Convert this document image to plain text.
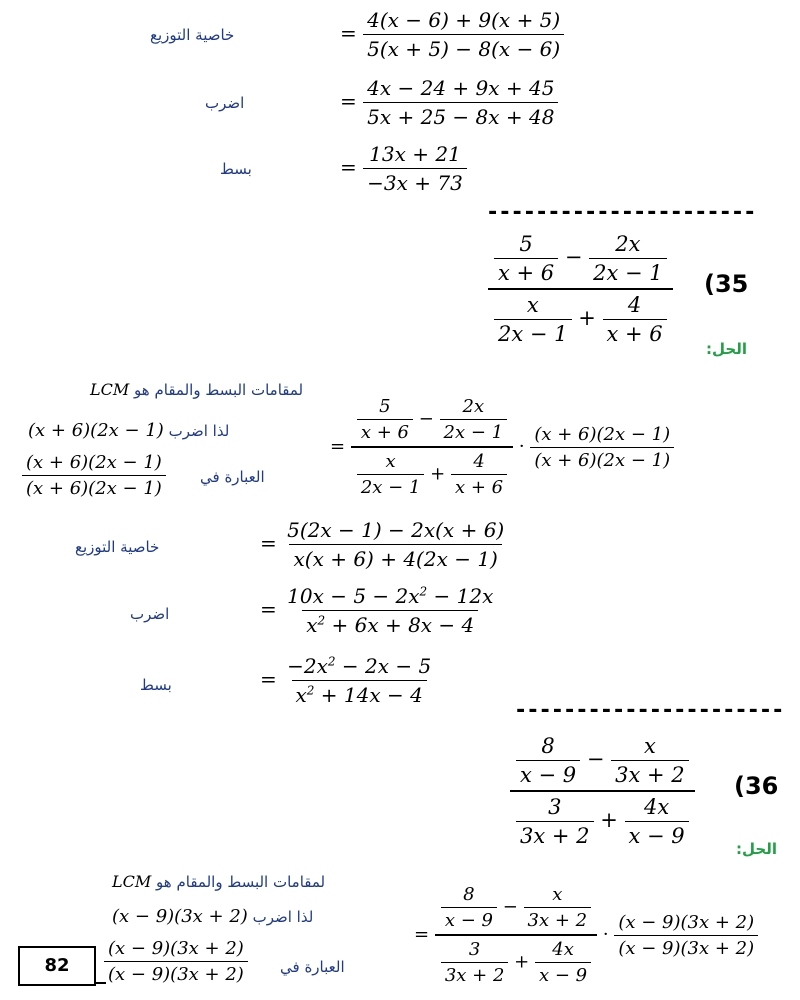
خاصية التوزيع	= $\frac{4(x - 6) + 9(x + 5)}{5(x + 5) - 8(x - 6)}$
اضرب	= $\frac{4x - 24 + 9x + 45}{5x + 25 - 8x + 48}$
بسط	= $\frac{13x + 21}{-3x + 73}$
----------------------
$\frac{\frac{5}{x + 6} - \frac{2x}{2x - 1}}{\frac{x}{2x - 1} + \frac{4}{x + 6}} (35$
الحل:
لمقامات البسط والمقام هو LCM
لذا اضرب (x + 6)(2x − 1)
$\frac{(x + 6)(2x - 1)}{(x + 6)(2x - 1)}$ العبارة في
= $\frac{\frac{5}{x + 6} - \frac{2x}{2x - 1}}{\frac{x}{2x - 1} + \frac{4}{x + 6}} \cdot \frac{(x + 6)(2x - 1)}{(x + 6)(2x - 1)}$
خاصية التوزيع	= $\frac{5(2x - 1) - 2x(x + 6)}{x(x + 6) + 4(2x - 1)}$
اضرب	= $\frac{10x - 5 - 2x^2 - 12x}{x^2 + 6x + 8x - 4}$
بسط	= $\frac{-2x^2 - 2x - 5}{x^2 + 14x - 4}$
----------------------
$\frac{\frac{8}{x - 9} - \frac{x}{3x + 2}}{\frac{3}{3x + 2} + \frac{4x}{x - 9}} (36$
الحل:
لمقامات البسط والمقام هو LCM
لذا اضرب (x − 9)(3x + 2)
$\frac{(x - 9)(3x + 2)}{(x - 9)(3x + 2)}$ العبارة في
= $\frac{\frac{8}{x - 9} - \frac{x}{3x + 2}}{\frac{3}{3x + 2} + \frac{4x}{x - 9}} \cdot \frac{(x - 9)(3x + 2)}{(x - 9)(3x + 2)}$
82
